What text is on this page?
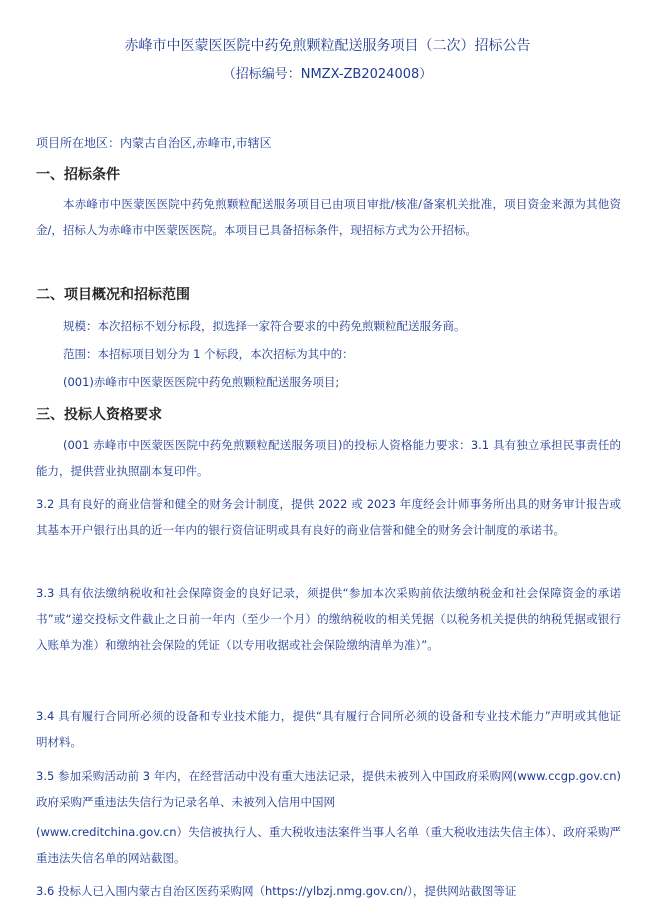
赤峰市中医蒙医医院中药免煎颗粒配送服务项目（二次）招标公告
（招标编号：NMZX-ZB2024008）
项目所在地区：内蒙古自治区,赤峰市,市辖区
一、招标条件
本赤峰市中医蒙医医院中药免煎颗粒配送服务项目已由项目审批/核准/备案机关批准，项目资金来源为其他资金/，招标人为赤峰市中医蒙医医院。本项目已具备招标条件，现招标方式为公开招标。
二、项目概况和招标范围
规模：本次招标不划分标段，拟选择一家符合要求的中药免煎颗粒配送服务商。
范围：本招标项目划分为 1 个标段，本次招标为其中的：
(001)赤峰市中医蒙医医院中药免煎颗粒配送服务项目;
三、投标人资格要求
(001 赤峰市中医蒙医医院中药免煎颗粒配送服务项目)的投标人资格能力要求：3.1 具有独立承担民事责任的能力，提供营业执照副本复印件。
3.2 具有良好的商业信誉和健全的财务会计制度，提供 2022 或 2023 年度经会计师事务所出具的财务审计报告或其基本开户银行出具的近一年内的银行资信证明或具有良好的商业信誉和健全的财务会计制度的承诺书。
3.3 具有依法缴纳税收和社会保障资金的良好记录，须提供“参加本次采购前依法缴纳税金和社会保障资金的承诺书”或“递交投标文件截止之日前一年内（至少一个月）的缴纳税收的相关凭据（以税务机关提供的纳税凭据或银行入账单为准）和缴纳社会保险的凭证（以专用收据或社会保险缴纳清单为准）”。
3.4 具有履行合同所必须的设备和专业技术能力，提供“具有履行合同所必须的设备和专业技术能力”声明或其他证明材料。
3.5 参加采购活动前 3 年内，在经营活动中没有重大违法记录，提供未被列入中国政府采购网(www.ccgp.gov.cn)政府采购严重违法失信行为记录名单、未被列入信用中国网
(www.creditchina.gov.cn）失信被执行人、重大税收违法案件当事人名单（重大税收违法失信主体）、政府采购严重违法失信名单的网站截图。
3.6 投标人已入围内蒙古自治区医药采购网（https://ylbzj.nmg.gov.cn/），提供网站截图等证
